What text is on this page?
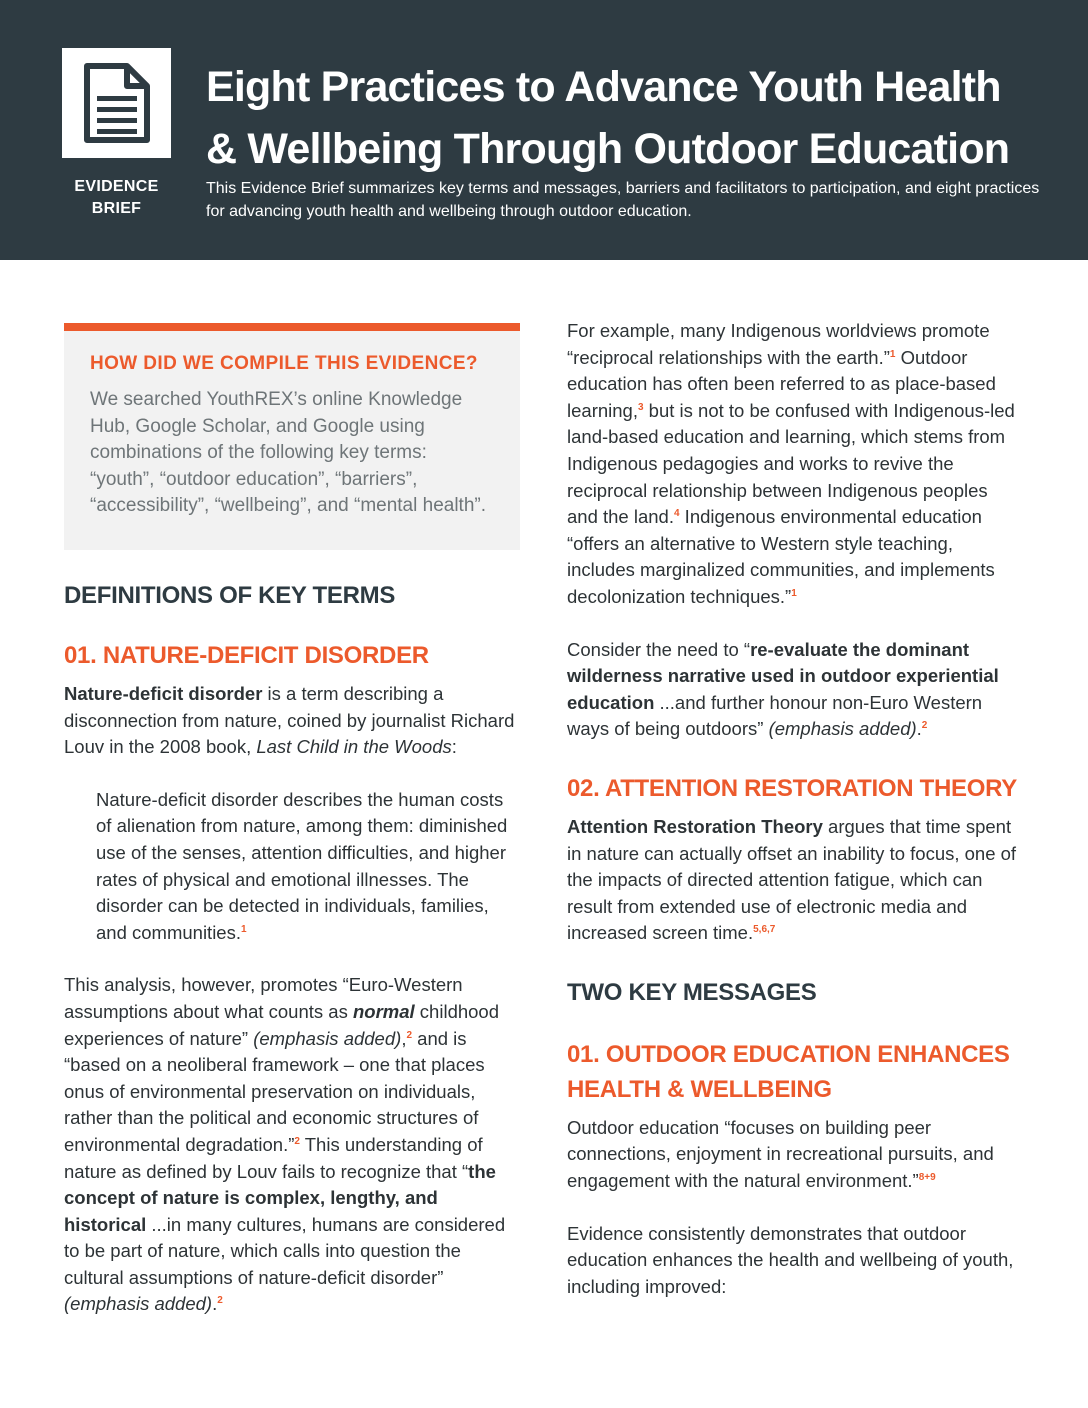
EVIDENCE
BRIEF
Eight Practices to Advance Youth Health
& Wellbeing Through Outdoor Education
This Evidence Brief summarizes key terms and messages, barriers and facilitators to participation, and eight practices for advancing youth health and wellbeing through outdoor education.
HOW DID WE COMPILE THIS EVIDENCE?

We searched YouthREX’s online Knowledge Hub, Google Scholar, and Google using combinations of the following key terms: “youth”, “outdoor education”, “barriers”, “accessibility”, “wellbeing”, and “mental health”.

DEFINITIONS OF KEY TERMS
01. NATURE-DEFICIT DISORDER

Nature-deficit disorder is a term describing a disconnection from nature, coined by journalist Richard Louv in the 2008 book, Last Child in the Woods:

Nature-deficit disorder describes the human costs of alienation from nature, among them: diminished use of the senses, attention difficulties, and higher rates of physical and emotional illnesses. The disorder can be detected in individuals, families, and communities.$^1$

This analysis, however, promotes “Euro-Western assumptions about what counts as normal childhood experiences of nature” (emphasis added),$^2$ and is “based on a neoliberal framework – one that places onus of environmental preservation on individuals, rather than the political and economic structures of environmental degradation.”$^2$ This understanding of nature as defined by Louv fails to recognize that “the concept of nature is complex, lengthy, and historical ...in many cultures, humans are considered to be part of nature, which calls into question the cultural assumptions of nature-deficit disorder” (emphasis added).$^2$

For example, many Indigenous worldviews promote “reciprocal relationships with the earth.”$^1$ Outdoor education has often been referred to as place-based learning,$^3$ but is not to be confused with Indigenous-led land-based education and learning, which stems from Indigenous pedagogies and works to revive the reciprocal relationship between Indigenous peoples and the land.$^4$ Indigenous environmental education “offers an alternative to Western style teaching, includes marginalized communities, and implements decolonization techniques.”$^1$

Consider the need to “re-evaluate the dominant wilderness narrative used in outdoor experiential education ...and further honour non-Euro Western ways of being outdoors” (emphasis added).$^2$

02. ATTENTION RESTORATION THEORY

Attention Restoration Theory argues that time spent in nature can actually offset an inability to focus, one of the impacts of directed attention fatigue, which can result from extended use of electronic media and increased screen time.$^{5,6,7}$

TWO KEY MESSAGES
01. OUTDOOR EDUCATION ENHANCES HEALTH & WELLBEING

Outdoor education “focuses on building peer connections, enjoyment in recreational pursuits, and engagement with the natural environment.”$^{8+9}$

Evidence consistently demonstrates that outdoor education enhances the health and wellbeing of youth, including improved:
